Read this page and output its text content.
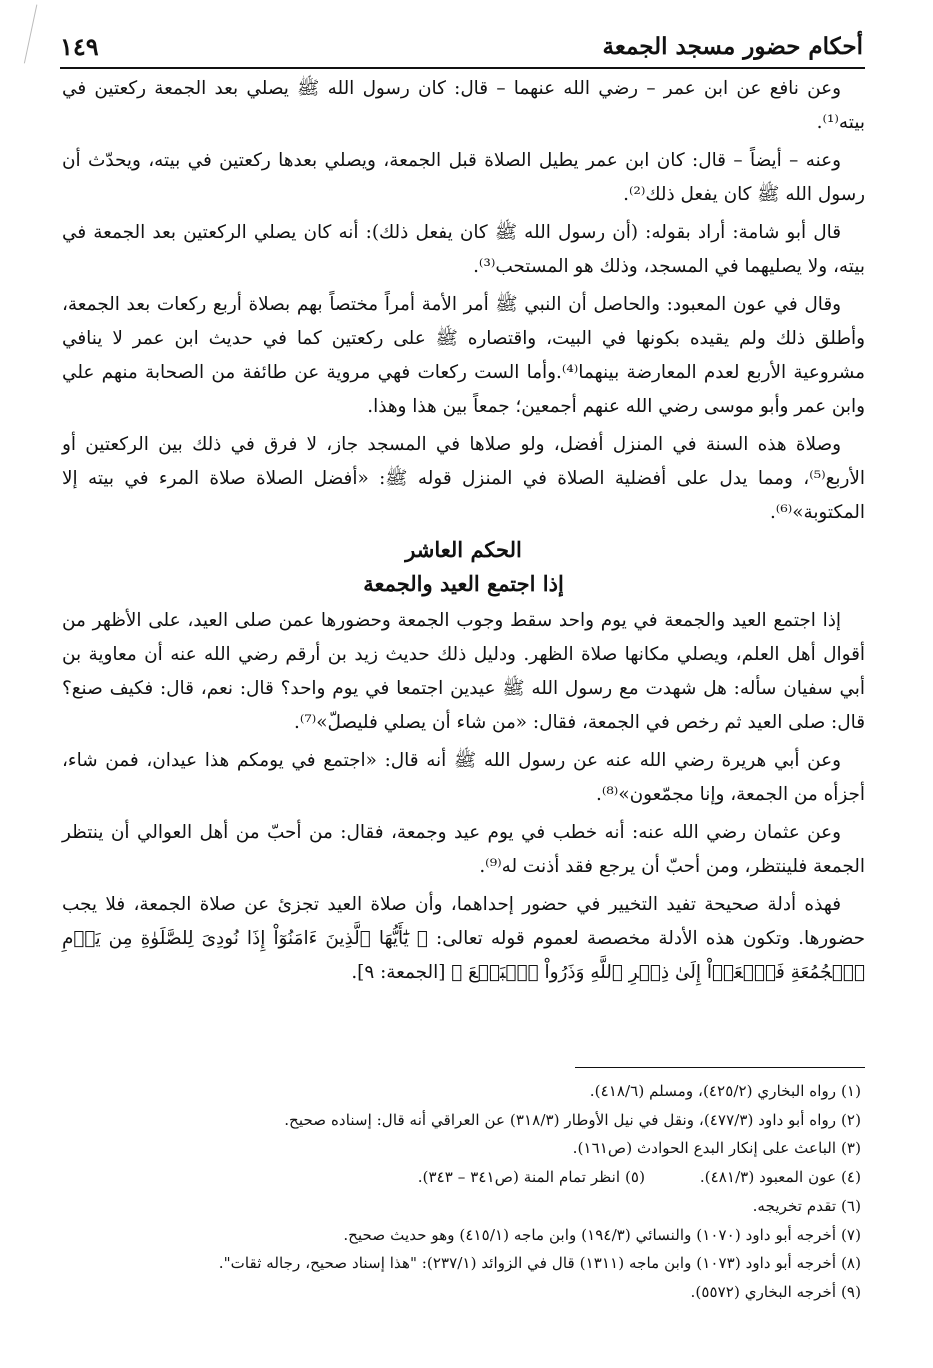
أحكام حضور مسجد الجمعة
١٤٩

وعن نافع عن ابن عمر – رضي الله عنهما – قال: كان رسول الله ﷺ يصلي بعد الجمعة ركعتين في بيته⁽¹⁾.

وعنه – أيضاً – قال: كان ابن عمر يطيل الصلاة قبل الجمعة، ويصلي بعدها ركعتين في بيته، ويحدّث أن رسول الله ﷺ كان يفعل ذلك⁽²⁾.

قال أبو شامة: أراد بقوله: (أن رسول الله ﷺ كان يفعل ذلك): أنه كان يصلي الركعتين بعد الجمعة في بيته، ولا يصليهما في المسجد، وذلك هو المستحب⁽³⁾.

وقال في عون المعبود: والحاصل أن النبي ﷺ أمر الأمة أمراً مختصاً بهم بصلاة أربع ركعات بعد الجمعة، وأطلق ذلك ولم يقيده بكونها في البيت، واقتصاره ﷺ على ركعتين كما في حديث ابن عمر لا ينافي مشروعية الأربع لعدم المعارضة بينهما⁽⁴⁾.وأما الست ركعات فهي مروية عن طائفة من الصحابة منهم علي وابن عمر وأبو موسى رضي الله عنهم أجمعين؛ جمعاً بين هذا وهذا.

وصلاة هذه السنة في المنزل أفضل، ولو صلاها في المسجد جاز، لا فرق في ذلك بين الركعتين أو الأربع⁽⁵⁾، ومما يدل على أفضلية الصلاة في المنزل قوله ﷺ: «أفضل الصلاة صلاة المرء في بيته إلا المكتوبة»⁽⁶⁾.

الحكم العاشر
إذا اجتمع العيد والجمعة

إذا اجتمع العيد والجمعة في يوم واحد سقط وجوب الجمعة وحضورها عمن صلى العيد، على الأظهر من أقوال أهل العلم، ويصلي مكانها صلاة الظهر. ودليل ذلك حديث زيد بن أرقم رضي الله عنه أن معاوية بن أبي سفيان سأله: هل شهدت مع رسول الله ﷺ عيدين اجتمعا في يوم واحد؟ قال: نعم، قال: فكيف صنع؟ قال: صلى العيد ثم رخص في الجمعة، فقال: «من شاء أن يصلي فليصلّ»⁽⁷⁾.

وعن أبي هريرة رضي الله عنه عن رسول الله ﷺ أنه قال: «اجتمع في يومكم هذا عيدان، فمن شاء، أجزأه من الجمعة، وإنا مجمّعون»⁽⁸⁾.

وعن عثمان رضي الله عنه: أنه خطب في يوم عيد وجمعة، فقال: من أحبّ من أهل العوالي أن ينتظر الجمعة فلينتظر، ومن أحبّ أن يرجع فقد أذنت له⁽⁹⁾.

فهذه أدلة صحيحة تفيد التخيير في حضور إحداهما، وأن صلاة العيد تجزئ عن صلاة الجمعة، فلا يجب حضورها. وتكون هذه الأدلة مخصصة لعموم قوله تعالى: ﴿ يَٰٓأَيُّهَا ٱلَّذِينَ ءَامَنُوٓاْ إِذَا نُودِىَ لِلصَّلَوٰةِ مِن يَوۡمِ ٱلۡجُمُعَةِ فَٱسۡعَوۡاْ إِلَىٰ ذِكۡرِ ٱللَّهِ وَذَرُواْ ٱلۡبَيۡعَ ﴾ [الجمعة: ٩].

(١) رواه البخاري (٤٢٥/٢)، ومسلم (٤١٨/٦).
(٢) رواه أبو داود (٤٧٧/٣)، ونقل في نيل الأوطار (٣١٨/٣) عن العراقي أنه قال: إسناده صحيح.
(٣) الباعث على إنكار البدع الحوادث (ص١٦١).
(٤) عون المعبود (٤٨١/٣). (٥) انظر تمام المنة (ص٣٤١ – ٣٤٣).
(٦) تقدم تخريجه.
(٧) أخرجه أبو داود (١٠٧٠) والنسائي (١٩٤/٣) وابن ماجه (٤١٥/١) وهو حديث صحيح.
(٨) أخرجه أبو داود (١٠٧٣) وابن ماجه (١٣١١) قال في الزوائد (٢٣٧/١): "هذا إسناد صحيح، رجاله ثقات".
(٩) أخرجه البخاري (٥٥٧٢).
